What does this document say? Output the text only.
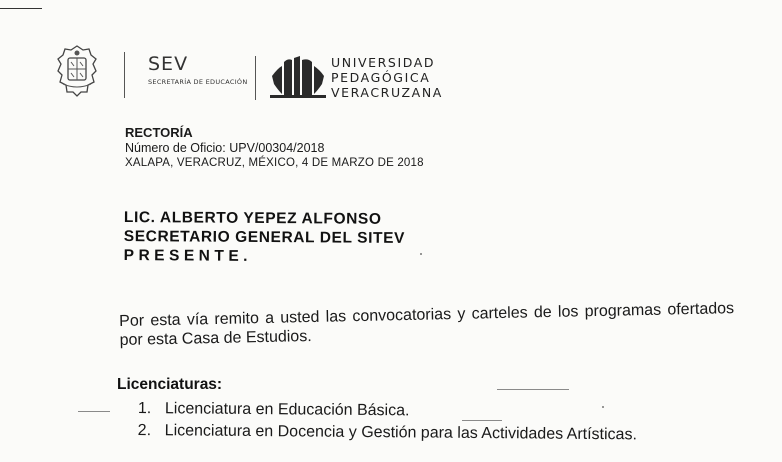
SEV
SECRETARÍA DE EDUCACIÓN
UNIVERSIDAD
PEDAGÓGICA
VERACRUZANA
RECTORÍA
Número de Oficio: UPV/00304/2018
XALAPA, VERACRUZ, MÉXICO, 4 DE MARZO DE 2018
LIC. ALBERTO YEPEZ ALFONSO
SECRETARIO GENERAL DEL SITEV
PRESENTE.
Por esta vía remito a usted las convocatorias y carteles de los programas ofertados por esta Casa de Estudios.
Licenciaturas:
1. Licenciatura en Educación Básica.
2. Licenciatura en Docencia y Gestión para las Actividades Artísticas.
